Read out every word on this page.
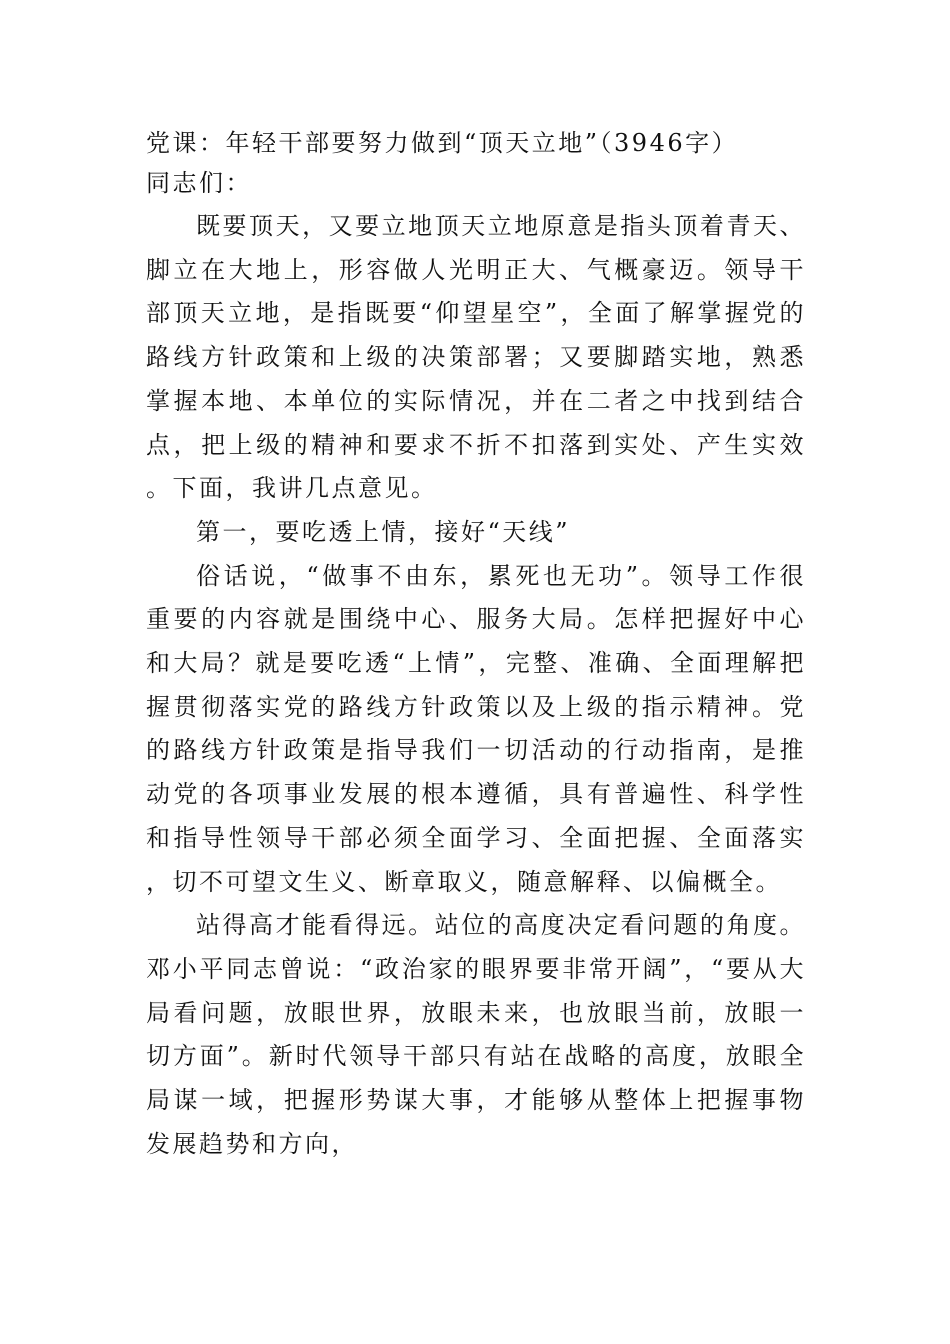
党课：年轻干部要努力做到“顶天立地”（3946字）
同志们：

既要顶天，又要立地顶天立地原意是指头顶着青天、脚立在大地上，形容做人光明正大、气概豪迈。领导干部顶天立地，是指既要“仰望星空”，全面了解掌握党的路线方针政策和上级的决策部署；又要脚踏实地，熟悉掌握本地、本单位的实际情况，并在二者之中找到结合点，把上级的精神和要求不折不扣落到实处、产生实效。下面，我讲几点意见。

第一，要吃透上情，接好“天线”

俗话说，“做事不由东，累死也无功”。领导工作很重要的内容就是围绕中心、服务大局。怎样把握好中心和大局？就是要吃透“上情”，完整、准确、全面理解把握贯彻落实党的路线方针政策以及上级的指示精神。党的路线方针政策是指导我们一切活动的行动指南，是推动党的各项事业发展的根本遵循，具有普遍性、科学性和指导性领导干部必须全面学习、全面把握、全面落实，切不可望文生义、断章取义，随意解释、以偏概全。

站得高才能看得远。站位的高度决定看问题的角度。邓小平同志曾说：“政治家的眼界要非常开阔”，“要从大局看问题，放眼世界，放眼未来，也放眼当前，放眼一切方面”。新时代领导干部只有站在战略的高度，放眼全局谋一域，把握形势谋大事，才能够从整体上把握事物发展趋势和方向，
